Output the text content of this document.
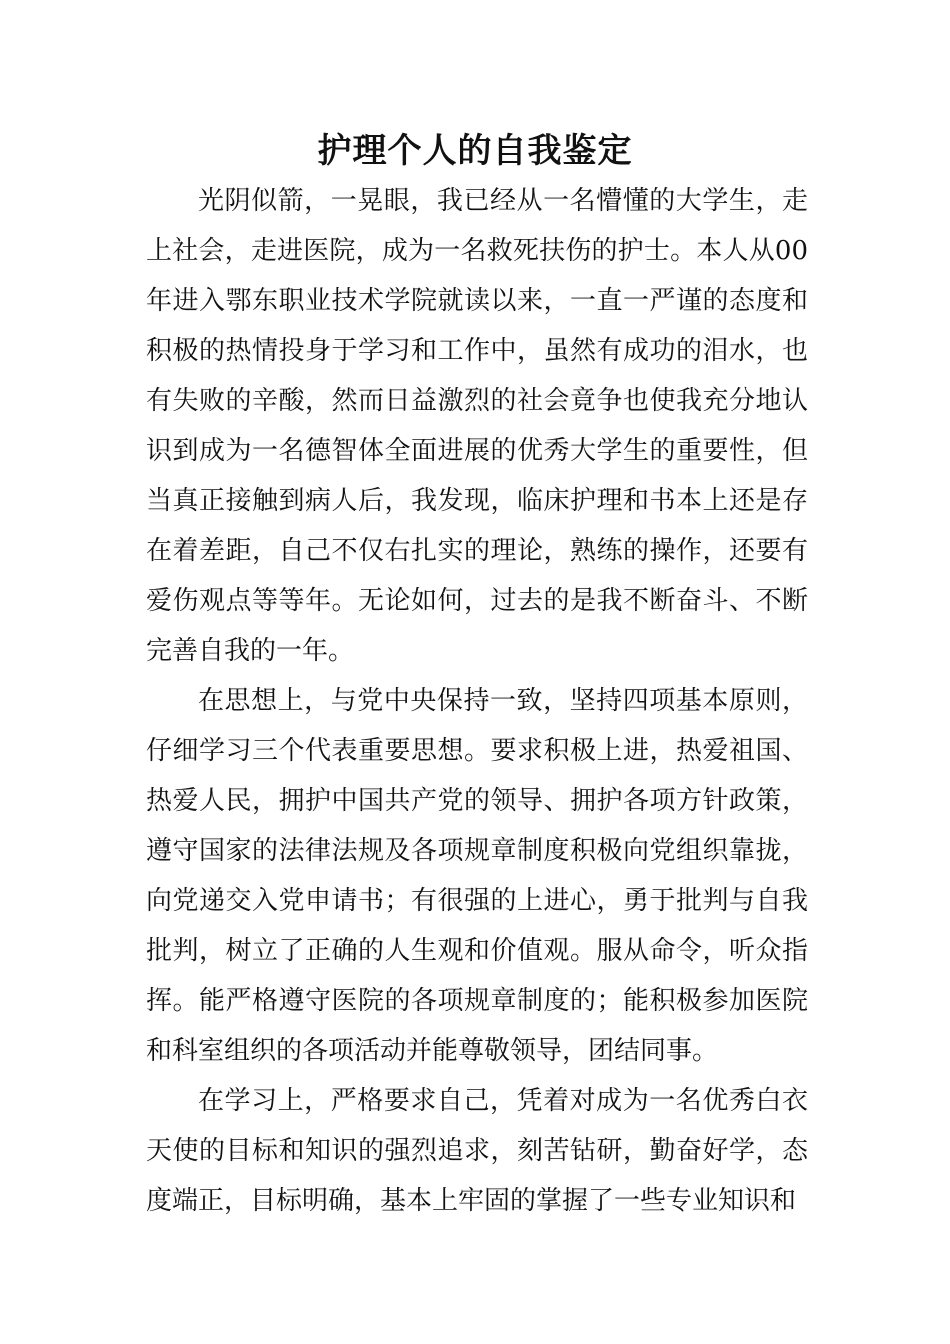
护理个人的自我鉴定

光阴似箭，一晃眼，我已经从一名懵懂的大学生，走上社会，走进医院，成为一名救死扶伤的护士。本人从00年进入鄂东职业技术学院就读以来，一直一严谨的态度和积极的热情投身于学习和工作中，虽然有成功的泪水，也有失败的辛酸，然而日益激烈的社会竟争也使我充分地认识到成为一名德智体全面进展的优秀大学生的重要性，但当真正接触到病人后，我发现，临床护理和书本上还是存在着差距，自己不仅右扎实的理论，熟练的操作，还要有爱伤观点等等年。无论如何，过去的是我不断奋斗、不断完善自我的一年。

在思想上，与党中央保持一致，坚持四项基本原则，仔细学习三个代表重要思想。要求积极上进，热爱祖国、热爱人民，拥护中国共产党的领导、拥护各项方针政策，遵守国家的法律法规及各项规章制度积极向党组织靠拢，向党递交入党申请书；有很强的上进心，勇于批判与自我批判，树立了正确的人生观和价值观。服从命令，听众指挥。能严格遵守医院的各项规章制度的；能积极参加医院和科室组织的各项活动并能尊敬领导，团结同事。

在学习上，严格要求自己，凭着对成为一名优秀白衣天使的目标和知识的强烈追求，刻苦钻研，勤奋好学，态度端正，目标明确，基本上牢固的掌握了一些专业知识和
